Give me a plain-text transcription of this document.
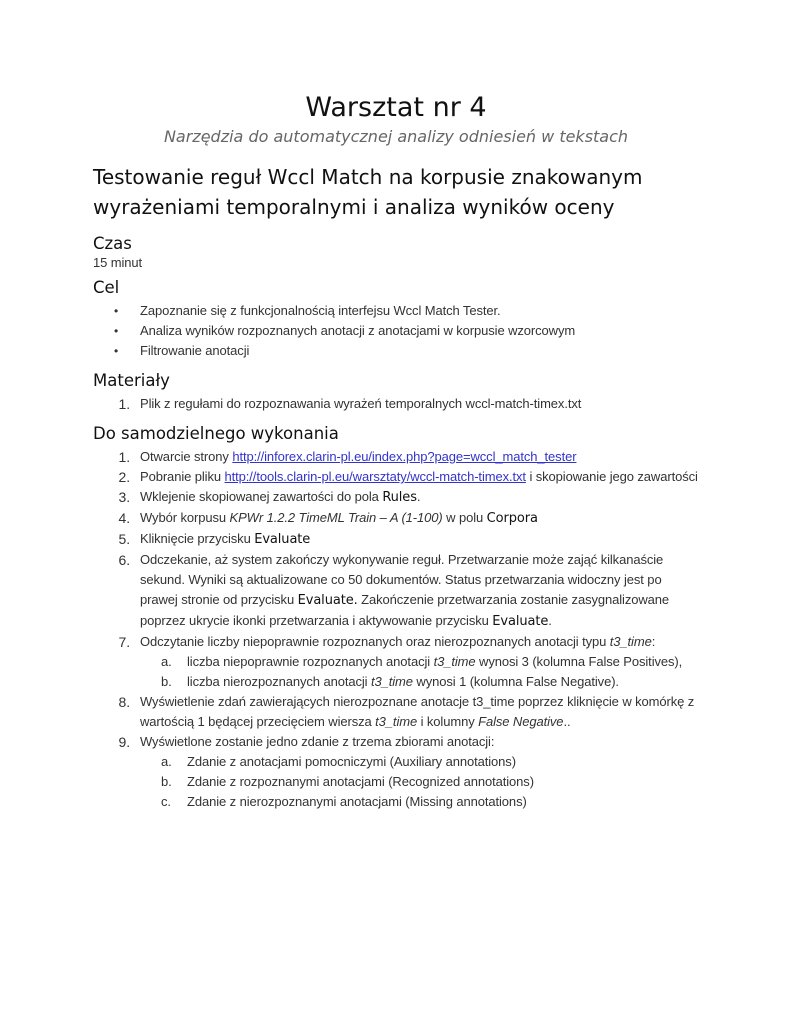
Warsztat nr 4
Narzędzia do automatycznej analizy odniesień w tekstach
Testowanie reguł Wccl Match na korpusie znakowanym
wyrażeniami temporalnymi i analiza wyników oceny
Czas
15 minut
Cel
• Zapoznanie się z funkcjonalnością interfejsu Wccl Match Tester.
• Analiza wyników rozpoznanych anotacji z anotacjami w korpusie wzorcowym
• Filtrowanie anotacji
Materiały
1. Plik z regułami do rozpoznawania wyrażeń temporalnych wccl-match-timex.txt
Do samodzielnego wykonania
1. Otwarcie strony http://inforex.clarin-pl.eu/index.php?page=wccl_match_tester
2. Pobranie pliku http://tools.clarin-pl.eu/warsztaty/wccl-match-timex.txt i skopiowanie jego zawartości
3. Wklejenie skopiowanej zawartości do pola Rules.
4. Wybór korpusu KPWr 1.2.2 TimeML Train – A (1-100) w polu Corpora
5. Kliknięcie przycisku Evaluate
6. Odczekanie, aż system zakończy wykonywanie reguł. Przetwarzanie może zająć kilkanaście sekund. Wyniki są aktualizowane co 50 dokumentów. Status przetwarzania widoczny jest po prawej stronie od przycisku Evaluate. Zakończenie przetwarzania zostanie zasygnalizowane poprzez ukrycie ikonki przetwarzania i aktywowanie przycisku Evaluate.
7. Odczytanie liczby niepoprawnie rozpoznanych oraz nierozpoznanych anotacji typu t3_time:
a.	liczba niepoprawnie rozpoznanych anotacji t3_time wynosi 3 (kolumna False Positives),
b.	liczba nierozpoznanych anotacji t3_time wynosi 1 (kolumna False Negative).
8. Wyświetlenie zdań zawierających nierozpoznane anotacje t3_time poprzez kliknięcie w komórkę z wartością 1 będącej przecięciem wiersza t3_time i kolumny False Negative..
9. Wyświetlone zostanie jedno zdanie z trzema zbiorami anotacji:
a.	Zdanie z anotacjami pomocniczymi (Auxiliary annotations)
b.	Zdanie z rozpoznanymi anotacjami (Recognized annotations)
c.	Zdanie z nierozpoznanymi anotacjami (Missing annotations)
